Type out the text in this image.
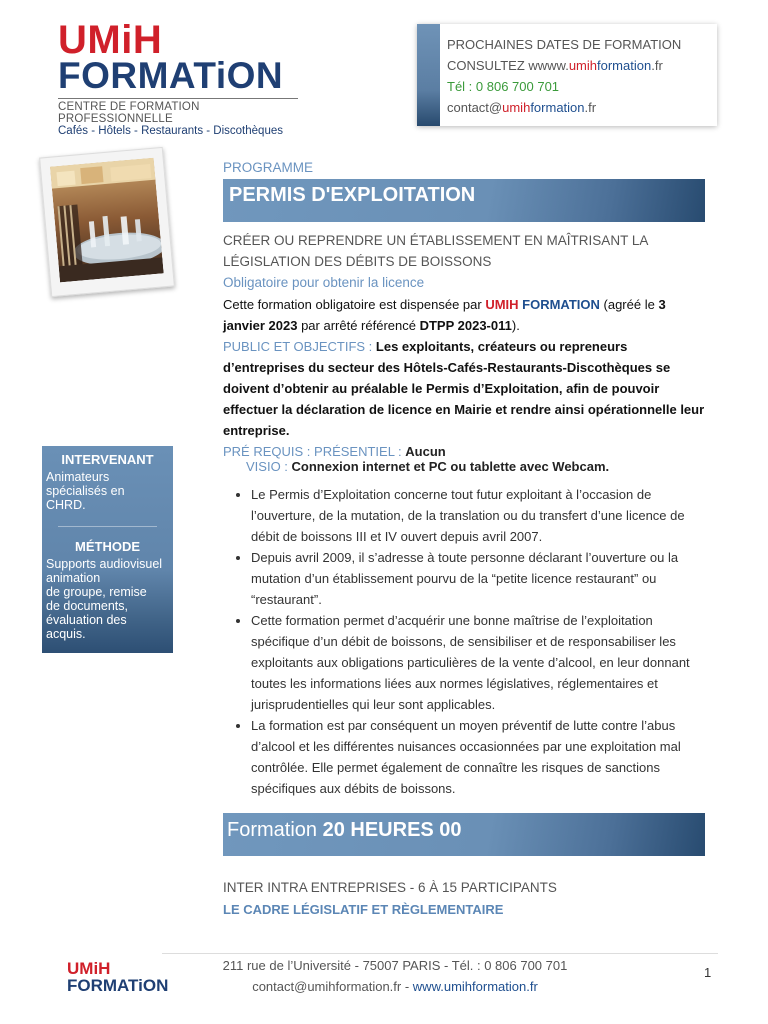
UMiH
FORMATiON
CENTRE DE FORMATION PROFESSIONNELLE
Cafés - Hôtels - Restaurants - Discothèques
PROCHAINES DATES DE FORMATION
CONSULTEZ wwww.umihformation.fr
Tél : 0 806 700 701
contact@umihformation.fr
INTERVENANT
Animateurs
spécialisés en
CHRD.
MÉTHODE
Supports audiovisuel
animation
de groupe, remise
de documents,
évaluation des
acquis.
PROGRAMME
PERMIS D'EXPLOITATION
CRÉER OU REPRENDRE UN ÉTABLISSEMENT EN MAÎTRISANT LA LÉGISLATION DES DÉBITS DE BOISSONS
Obligatoire pour obtenir la licence
Cette formation obligatoire est dispensée par UMIH FORMATION (agréé le 3 janvier 2023 par arrêté référencé DTPP 2023-011).
PUBLIC ET OBJECTIFS : Les exploitants, créateurs ou repreneurs d’entreprises du secteur des Hôtels-Cafés-Restaurants-Discothèques se doivent d’obtenir au préalable le Permis d’Exploitation, afin de pouvoir effectuer la déclaration de licence en Mairie et rendre ainsi opérationnelle leur entreprise.
PRÉ REQUIS : PRÉSENTIEL : Aucun
VISIO : Connexion internet et PC ou tablette avec Webcam.
• Le Permis d’Exploitation concerne tout futur exploitant à l’occasion de l’ouverture, de la mutation, de la translation ou du transfert d’une licence de débit de boissons III et IV ouvert depuis avril 2007.
• Depuis avril 2009, il s’adresse à toute personne déclarant l’ouverture ou la mutation d’un établissement pourvu de la “petite licence restaurant” ou “restaurant”.
• Cette formation permet d’acquérir une bonne maîtrise de l’exploitation spécifique d’un débit de boissons, de sensibiliser et de responsabiliser les exploitants aux obligations particulières de la vente d’alcool, en leur donnant toutes les informations liées aux normes législatives, réglementaires et jurisprudentielles qui leur sont applicables.
• La formation est par conséquent un moyen préventif de lutte contre l’abus d’alcool et les différentes nuisances occasionnées par une exploitation mal contrôlée. Elle permet également de connaître les risques de sanctions spécifiques aux débits de boissons.
Formation 20 HEURES 00
INTER INTRA ENTREPRISES - 6 À 15 PARTICIPANTS
LE CADRE LÉGISLATIF ET RÈGLEMENTAIRE
UMiH
FORMATiON
211 rue de l’Université - 75007 PARIS - Tél. : 0 806 700 701
contact@umihformation.fr - www.umihformation.fr
1
